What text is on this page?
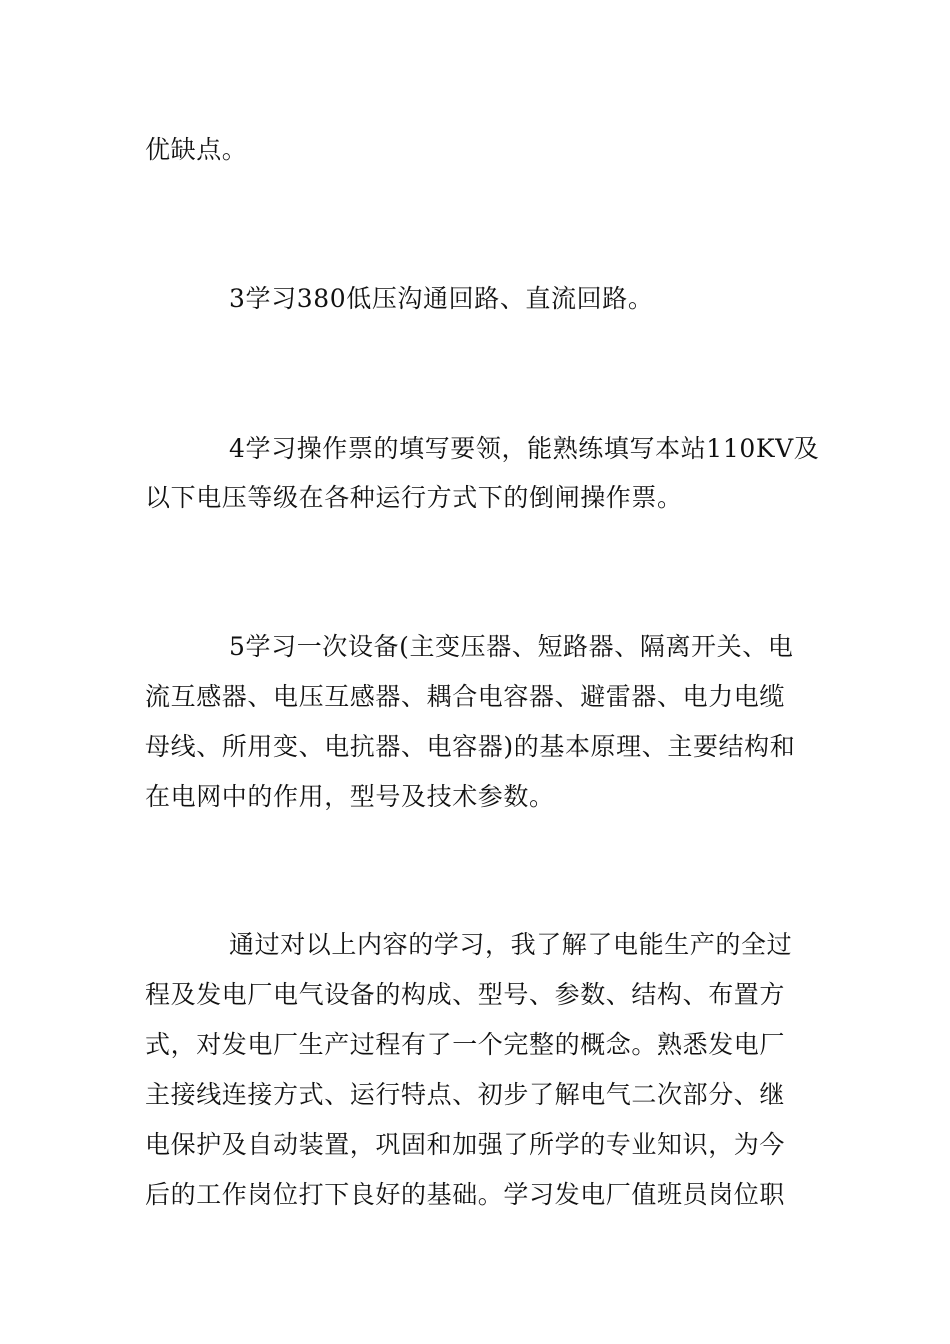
优缺点。
3学习380低压沟通回路、直流回路。
4学习操作票的填写要领，能熟练填写本站110KV及
以下电压等级在各种运行方式下的倒闸操作票。
5学习一次设备(主变压器、短路器、隔离开关、电
流互感器、电压互感器、耦合电容器、避雷器、电力电缆
母线、所用变、电抗器、电容器)的基本原理、主要结构和
在电网中的作用，型号及技术参数。
通过对以上内容的学习，我了解了电能生产的全过
程及发电厂电气设备的构成、型号、参数、结构、布置方
式，对发电厂生产过程有了一个完整的概念。熟悉发电厂
主接线连接方式、运行特点、初步了解电气二次部分、继
电保护及自动装置，巩固和加强了所学的专业知识，为今
后的工作岗位打下良好的基础。学习发电厂值班员岗位职
